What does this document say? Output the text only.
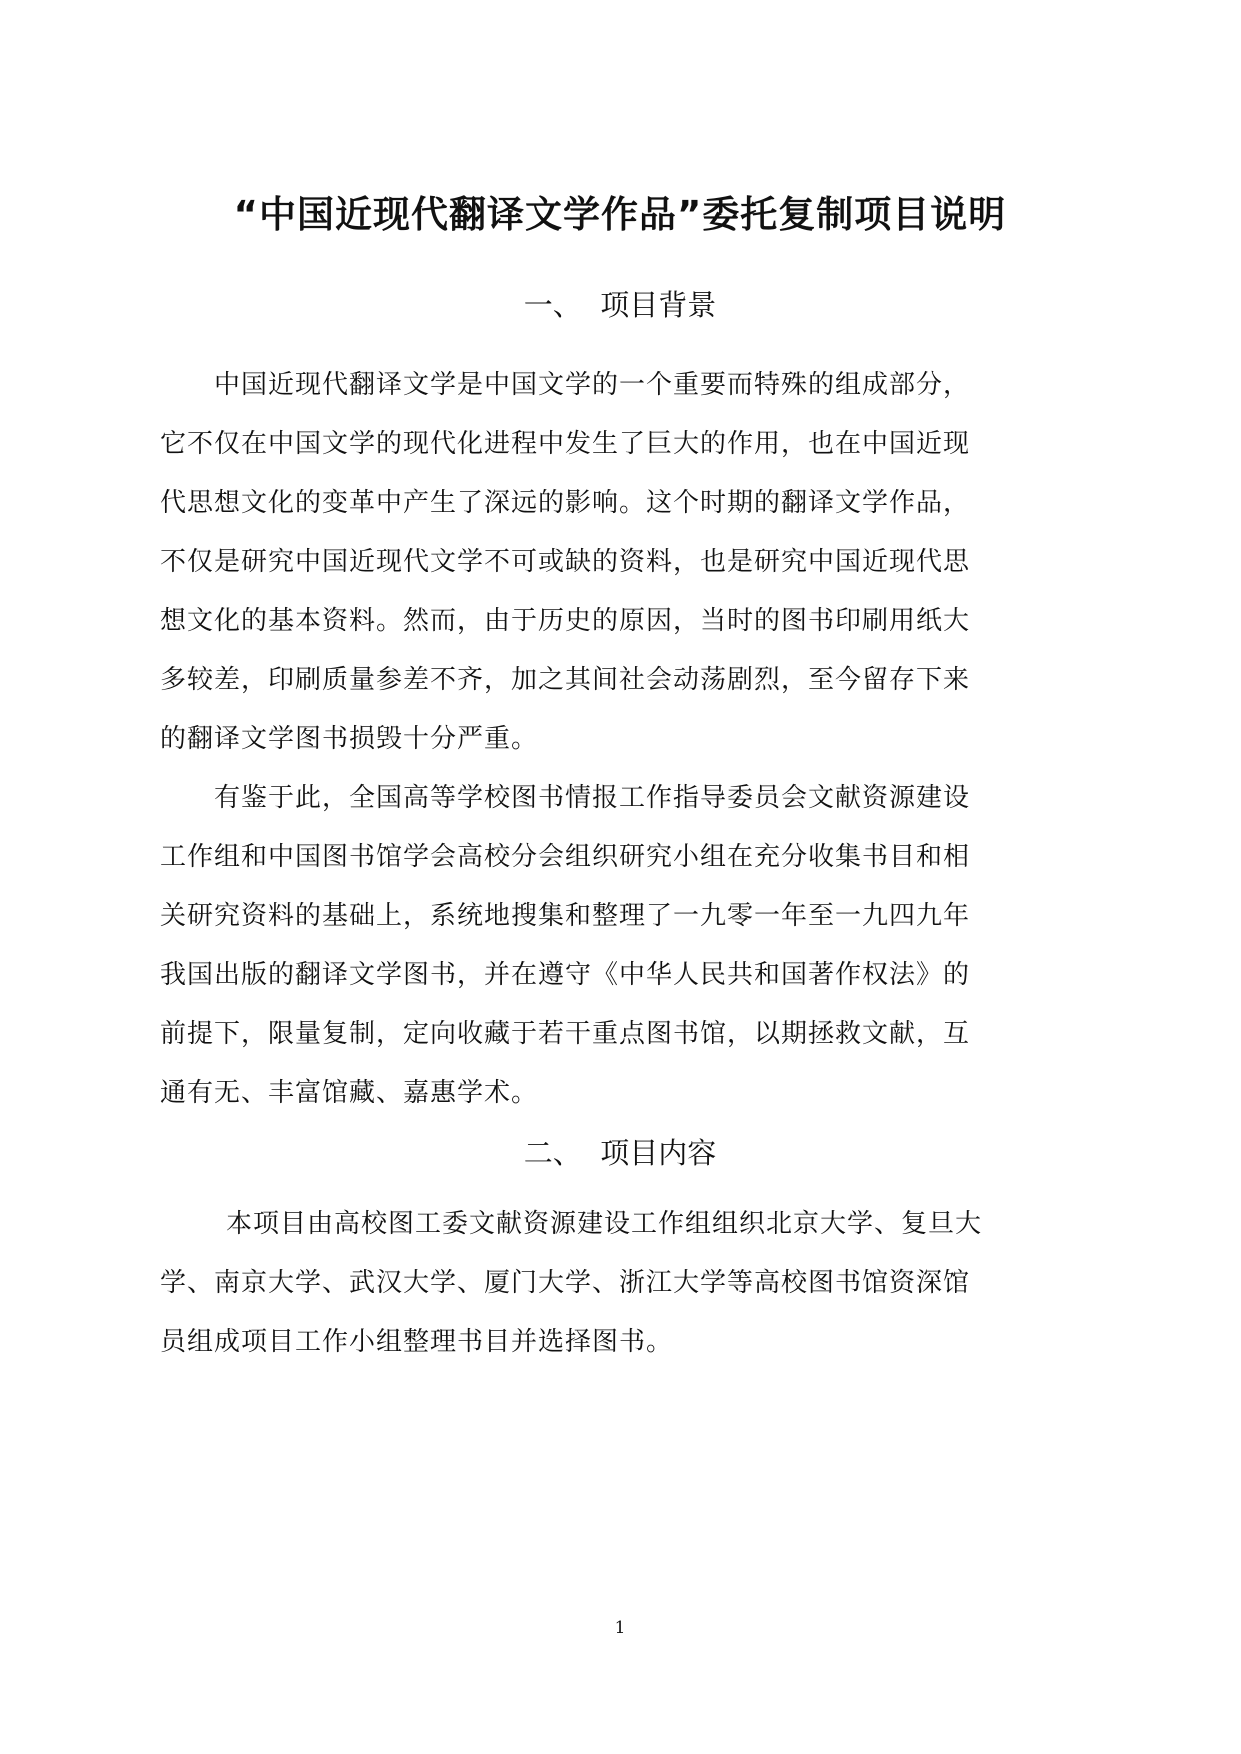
“中国近现代翻译文学作品”委托复制项目说明
一、  项目背景
中国近现代翻译文学是中国文学的一个重要而特殊的组成部分，
它不仅在中国文学的现代化进程中发生了巨大的作用，也在中国近现
代思想文化的变革中产生了深远的影响。这个时期的翻译文学作品，
不仅是研究中国近现代文学不可或缺的资料，也是研究中国近现代思
想文化的基本资料。然而，由于历史的原因，当时的图书印刷用纸大
多较差，印刷质量参差不齐，加之其间社会动荡剧烈，至今留存下来
的翻译文学图书损毁十分严重。
有鉴于此，全国高等学校图书情报工作指导委员会文献资源建设
工作组和中国图书馆学会高校分会组织研究小组在充分收集书目和相
关研究资料的基础上，系统地搜集和整理了一九零一年至一九四九年
我国出版的翻译文学图书，并在遵守《中华人民共和国著作权法》的
前提下，限量复制，定向收藏于若干重点图书馆，以期拯救文献，互
通有无、丰富馆藏、嘉惠学术。
二、  项目内容
本项目由高校图工委文献资源建设工作组组织北京大学、复旦大
学、南京大学、武汉大学、厦门大学、浙江大学等高校图书馆资深馆
员组成项目工作小组整理书目并选择图书。
1
